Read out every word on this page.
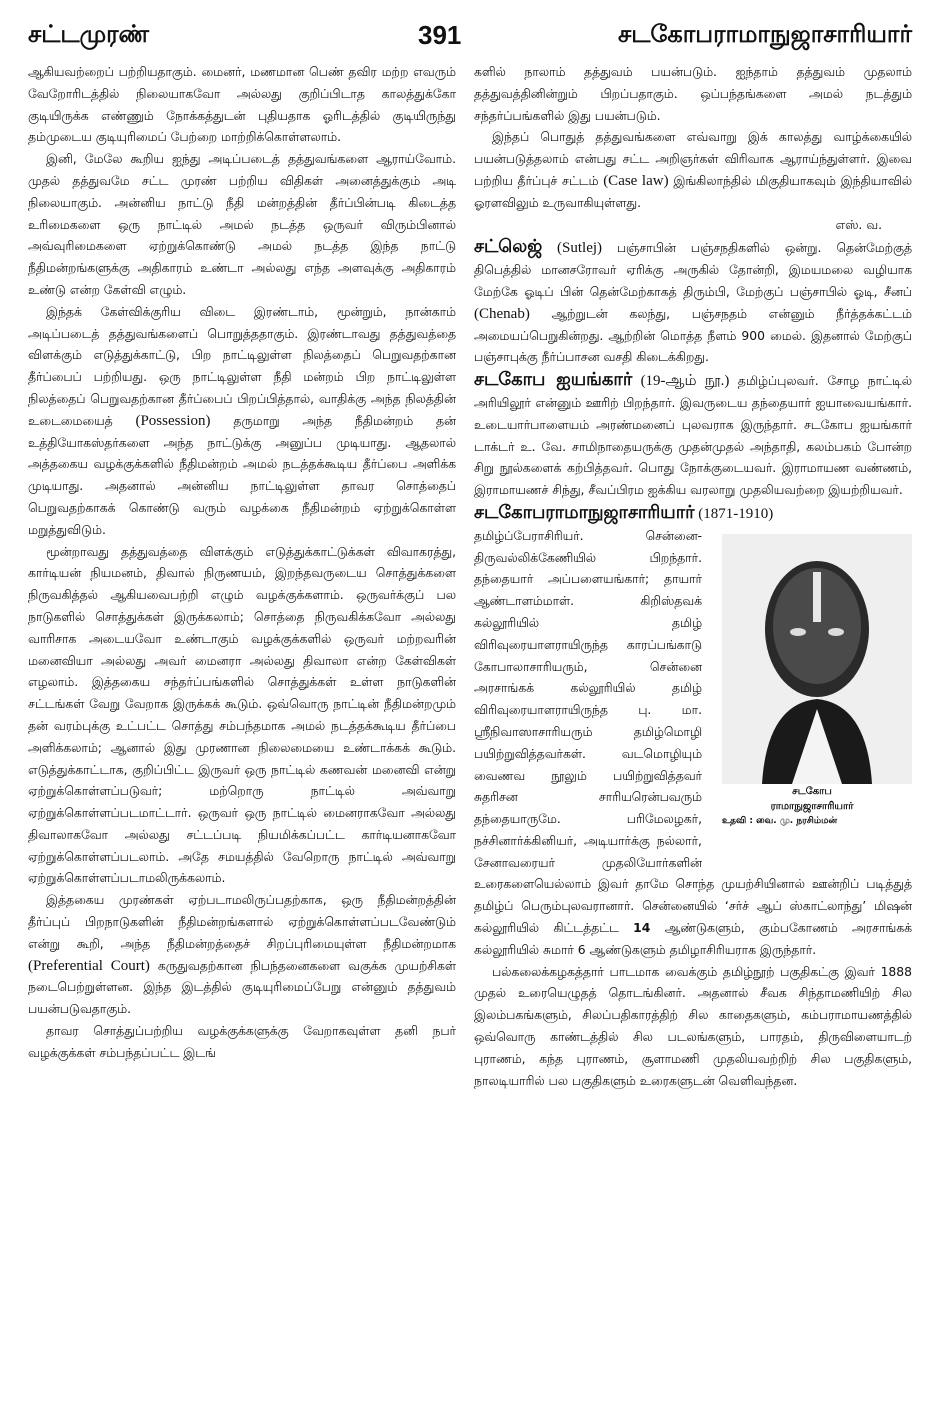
சட்டமுரண்	391	சடகோபராமாநுஜாசாரியார்

ஆகியவற்றைப் பற்றியதாகும். மைனர், மணமான பெண் தவிர மற்ற எவரும் வேறோரிடத்தில் நிலையாகவோ அல்லது குறிப்பிடாத காலத்துக்கோ குடியிருக்க எண்ணும் நோக்கத்துடன் புதியதாக ஓரிடத்தில் குடியிருந்து தம்முடைய குடியுரிமைப் பேற்றை மாற்றிக்கொள்ளலாம்.

இனி, மேலே கூறிய ஐந்து அடிப்படைத் தத்துவங்களை ஆராய்வோம். முதல் தத்துவமே சட்ட முரண் பற்றிய விதிகள் அனைத்துக்கும் அடி நிலையாகும். அன்னிய நாட்டு நீதி மன்றத்தின் தீர்ப்பின்படி கிடைத்த உரிமைகளை ஒரு நாட்டில் அமல் நடத்த ஒருவர் விரும்பினால் அவ்வுரிமைகளை ஏற்றுக்கொண்டு அமல் நடத்த இந்த நாட்டு நீதிமன்றங்களுக்கு அதிகாரம் உண்டா அல்லது எந்த அளவுக்கு அதிகாரம் உண்டு என்ற கேள்வி எழும்.

இந்தக் கேள்விக்குரிய விடை இரண்டாம், மூன்றும், நான்காம் அடிப்படைத் தத்துவங்களைப் பொறுத்ததாகும். இரண்டாவது தத்துவத்தை விளக்கும் எடுத்துக்காட்டு, பிற நாட்டிலுள்ள நிலத்தைப் பெறுவதற்கான தீர்ப்பைப் பற்றியது. ஒரு நாட்டிலுள்ள நீதி மன்றம் பிற நாட்டிலுள்ள நிலத்தைப் பெறுவதற்கான தீர்ப்பைப் பிறப்பித்தால், வாதிக்கு அந்த நிலத்தின் உடைமையைத் (Possession) தருமாறு அந்த நீதிமன்றம் தன் உத்தியோகஸ்தர்களை அந்த நாட்டுக்கு அனுப்ப முடியாது. ஆதலால் அத்தகைய வழக்குக்களில் நீதிமன்றம் அமல் நடத்தக்கூடிய தீர்ப்பை அளிக்க முடியாது. அதனால் அன்னிய நாட்டிலுள்ள தாவர சொத்தைப் பெறுவதற்காகக் கொண்டு வரும் வழக்கை நீதிமன்றம் ஏற்றுக்கொள்ள மறுத்துவிடும்.

மூன்றாவது தத்துவத்தை விளக்கும் எடுத்துக்காட்டுக்கள் விவாகரத்து, கார்டியன் நியமனம், திவால் நிருணயம், இறந்தவருடைய சொத்துக்களை நிருவகித்தல் ஆகியவைபற்றி எழும் வழக்குக்களாம். ஒருவர்க்குப் பல நாடுகளில் சொத்துக்கள் இருக்கலாம்; சொத்தை நிருவகிக்கவோ அல்லது வாரிசாக அடையவோ உண்டாகும் வழக்குக்களில் ஒருவர் மற்றவரின் மனைவியா அல்லது அவர் மைனரா அல்லது திவாலா என்ற கேள்விகள் எழலாம். இத்தகைய சந்தர்ப்பங்களில் சொத்துக்கள் உள்ள நாடுகளின் சட்டங்கள் வேறு வேறாக இருக்கக் கூடும். ஒவ்வொரு நாட்டின் நீதிமன்றமும் தன் வரம்புக்கு உட்பட்ட சொத்து சம்பந்தமாக அமல் நடத்தக்கூடிய தீர்ப்பை அளிக்கலாம்; ஆனால் இது முரணான நிலைமையை உண்டாக்கக் கூடும். எடுத்துக்காட்டாக, குறிப்பிட்ட இருவர் ஒரு நாட்டில் கணவன் மனைவி என்று ஏற்றுக்கொள்ளப்படுவர்; மற்றொரு நாட்டில் அவ்வாறு ஏற்றுக்கொள்ளப்படமாட்டார். ஒருவர் ஒரு நாட்டில் மைனராகவோ அல்லது திவாலாகவோ அல்லது சட்டப்படி நியமிக்கப்பட்ட கார்டியனாகவோ ஏற்றுக்கொள்ளப்படலாம். அதே சமயத்தில் வேறொரு நாட்டில் அவ்வாறு ஏற்றுக்கொள்ளப்படாமலிருக்கலாம்.

இத்தகைய முரண்கள் ஏற்படாமலிருப்பதற்காக, ஒரு நீதிமன்றத்தின் தீர்ப்புப் பிறநாடுகளின் நீதிமன்றங்களால் ஏற்றுக்கொள்ளப்படவேண்டும் என்று கூறி, அந்த நீதிமன்றத்தைச் சிறப்புரிமையுள்ள நீதிமன்றமாக (Preferential Court) கருதுவதற்கான நிபந்தனைகளை வகுக்க முயற்சிகள் நடைபெற்றுள்ளன. இந்த இடத்தில் குடியுரிமைப்பேறு என்னும் தத்துவம் பயன்படுவதாகும்.

தாவர சொத்துப்பற்றிய வழக்குக்களுக்கு வேறாகவுள்ள தனி நபர் வழக்குக்கள் சம்பந்தப்பட்ட இடங்

களில் நாலாம் தத்துவம் பயன்படும். ஐந்தாம் தத்துவம் முதலாம் தத்துவத்தினின்றும் பிறப்பதாகும். ஒப்பந்தங்களை அமல் நடத்தும் சந்தர்ப்பங்களில் இது பயன்படும்.

இந்தப் பொதுத் தத்துவங்களை எவ்வாறு இக் காலத்து வாழ்க்கையில் பயன்படுத்தலாம் என்பது சட்ட அறிஞர்கள் விரிவாக ஆராய்ந்துள்ளர். இவை பற்றிய தீர்ப்புச் சட்டம் (Case law) இங்கிலாந்தில் மிகுதியாகவும் இந்தியாவில் ஓரளவிலும் உருவாகியுள்ளது.

எஸ். வ.

சட்லெஜ் (Sutlej) பஞ்சாபின் பஞ்சநதிகளில் ஒன்று. தென்மேற்குத் திபெத்தில் மானசரோவர் ஏரிக்கு அருகில் தோன்றி, இமயமலை வழியாக மேற்கே ஓடிப் பின் தென்மேற்காகத் திரும்பி, மேற்குப் பஞ்சாபில் ஓடி, சீனப் (Chenab) ஆற்றுடன் கலந்து, பஞ்சநதம் என்னும் நீர்த்தக்கட்டம் அமையப்பெறுகின்றது. ஆற்றின் மொத்த நீளம் 900 மைல். இதனால் மேற்குப் பஞ்சாபுக்கு நீர்ப்பாசன வசதி கிடைக்கிறது.

சடகோப ஐயங்கார் (19-ஆம் நூ.) தமிழ்ப்புலவர். சோழ நாட்டில் அரியிலூர் என்னும் ஊரிற் பிறந்தார். இவருடைய தந்தையார் ஐயாவையங்கார். உடையார்பாளையம் அரண்மனைப் புலவராக இருந்தார். சடகோப ஐயங்கார் டாக்டர் உ. வே. சாமிநாதையருக்கு முதன்முதல் அந்தாதி, கலம்பகம் போன்ற சிறு நூல்களைக் கற்பித்தவர். பொது நோக்குடையவர். இராமாயண வண்ணம், இராமாயணச் சிந்து, சீவப்பிரம ஐக்கிய வரலாறு முதலியவற்றை இயற்றியவர்.

சடகோபராமாநுஜாசாரியார் (1871-1910)

சடகோப
ராமாநுஜாசாரியார்
உதவி : வை. மு. நரசிம்மன்
தமிழ்ப்பேராசிரியர். சென்னை-திருவல்லிக்கேணியில் பிறந்தார். தந்தையார் அப்பளையங்கார்; தாயார் ஆண்டாளம்மாள். கிறிஸ்தவக் கல்லூரியில் தமிழ் விரிவுரையாளராயிருந்த காரப்பங்காடு கோபாலாசாரியரும், சென்னை அரசாங்கக் கல்லூரியில் தமிழ் விரிவுரையாளராயிருந்த பு. மா. ஸ்ரீநிவாஸாசாரியரும் தமிழ்மொழி பயிற்றுவித்தவர்கள். வடமொழியும் வைணவ நூலும் பயிற்றுவித்தவர் சுதரிசன சாரியரென்பவரும் தந்தையாருமே. பரிமேலழகர், நச்சினார்க்கினியர், அடியார்க்கு நல்லார், சேனாவரையர் முதலியோர்களின் உரைகளையெல்லாம் இவர் தாமே சொந்த முயற்சியினால் ஊன்றிப் படித்துத் தமிழ்ப் பெரும்புலவரானார். சென்னையில் ‘சர்ச் ஆப் ஸ்காட்லாந்து’ மிஷன் கல்லூரியில் கிட்டத்தட்ட 14 ஆண்டுகளும், கும்பகோணம் அரசாங்கக் கல்லூரியில் சுமார் 6 ஆண்டுகளும் தமிழாசிரியராக இருந்தார்.

பல்கலைக்கழகத்தார் பாடமாக வைக்கும் தமிழ்நூற் பகுதிகட்கு இவர் 1888 முதல் உரையெழுதத் தொடங்கினர். அதனால் சீவக சிந்தாமணியிற் சில இலம்பகங்களும், சிலப்பதிகாரத்திற் சில காதைகளும், கம்பராமாயணத்தில் ஒவ்வொரு காண்டத்தில் சில படலங்களும், பாரதம், திருவிளையாடற் புராணம், கந்த புராணம், சூளாமணி முதலியவற்றிற் சில பகுதிகளும், நாலடியாரில் பல பகுதிகளும் உரைகளுடன் வெளிவந்தன.
